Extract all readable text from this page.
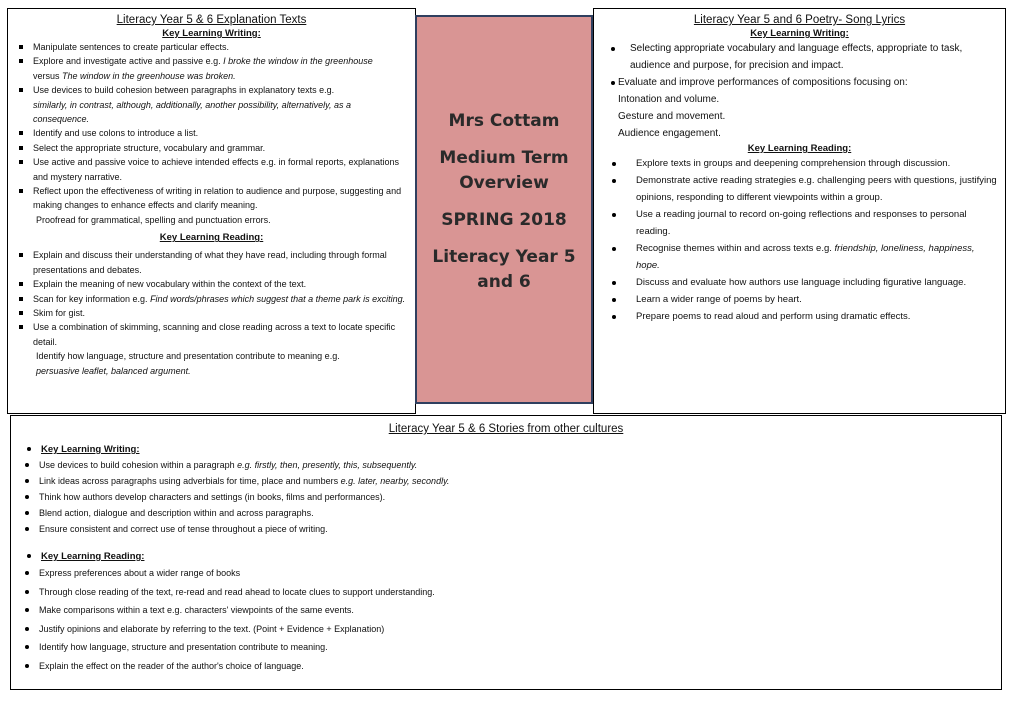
Literacy Year 5 & 6 Explanation Texts
Key Learning Writing:
Manipulate sentences to create particular effects.
Explore and investigate active and passive e.g. I broke the window in the greenhouse
versus The window in the greenhouse was broken.
Use devices to build cohesion between paragraphs in explanatory texts e.g.
similarly, in contrast, although, additionally, another possibility, alternatively, as a consequence.
Identify and use colons to introduce a list.
Select the appropriate structure, vocabulary and grammar.
Use active and passive voice to achieve intended effects e.g. in formal reports, explanations and mystery narrative.
Reflect upon the effectiveness of writing in relation to audience and purpose, suggesting and making changes to enhance effects and clarify meaning.
Proofread for grammatical, spelling and punctuation errors.
Key Learning Reading:
Explain and discuss their understanding of what they have read, including through formal presentations and debates.
Explain the meaning of new vocabulary within the context of the text.
Scan for key information e.g. Find words/phrases which suggest that a theme park is exciting.
Skim for gist.
Use a combination of skimming, scanning and close reading across a text to locate specific detail.
Identify how language, structure and presentation contribute to meaning e.g.
persuasive leaflet, balanced argument.
Mrs Cottam
Medium Term
Overview
SPRING 2018
Literacy Year 5
and 6
Literacy Year 5 and 6 Poetry- Song Lyrics
Key Learning Writing:
Selecting appropriate vocabulary and language effects, appropriate to task, audience and purpose, for precision and impact.
Evaluate and improve performances of compositions focusing on:
Intonation and volume.
Gesture and movement.
Audience engagement.
Key Learning Reading:
Explore texts in groups and deepening comprehension through discussion.
Demonstrate active reading strategies e.g. challenging peers with questions, justifying opinions, responding to different viewpoints within a group.
Use a reading journal to record on-going reflections and responses to personal reading.
Recognise themes within and across texts e.g. friendship, loneliness, happiness, hope.
Discuss and evaluate how authors use language including figurative language.
Learn a wider range of poems by heart.
Prepare poems to read aloud and perform using dramatic effects.
Literacy Year 5 & 6 Stories from other cultures
Key Learning Writing:
Use devices to build cohesion within a paragraph e.g. firstly, then, presently, this, subsequently.
Link ideas across paragraphs using adverbials for time, place and numbers e.g. later, nearby, secondly.
Think how authors develop characters and settings (in books, films and performances).
Blend action, dialogue and description within and across paragraphs.
Ensure consistent and correct use of tense throughout a piece of writing.
Key Learning Reading:
Express preferences about a wider range of books
Through close reading of the text, re-read and read ahead to locate clues to support understanding.
Make comparisons within a text e.g. characters' viewpoints of the same events.
Justify opinions and elaborate by referring to the text. (Point + Evidence + Explanation)
Identify how language, structure and presentation contribute to meaning.
Explain the effect on the reader of the author's choice of language.
